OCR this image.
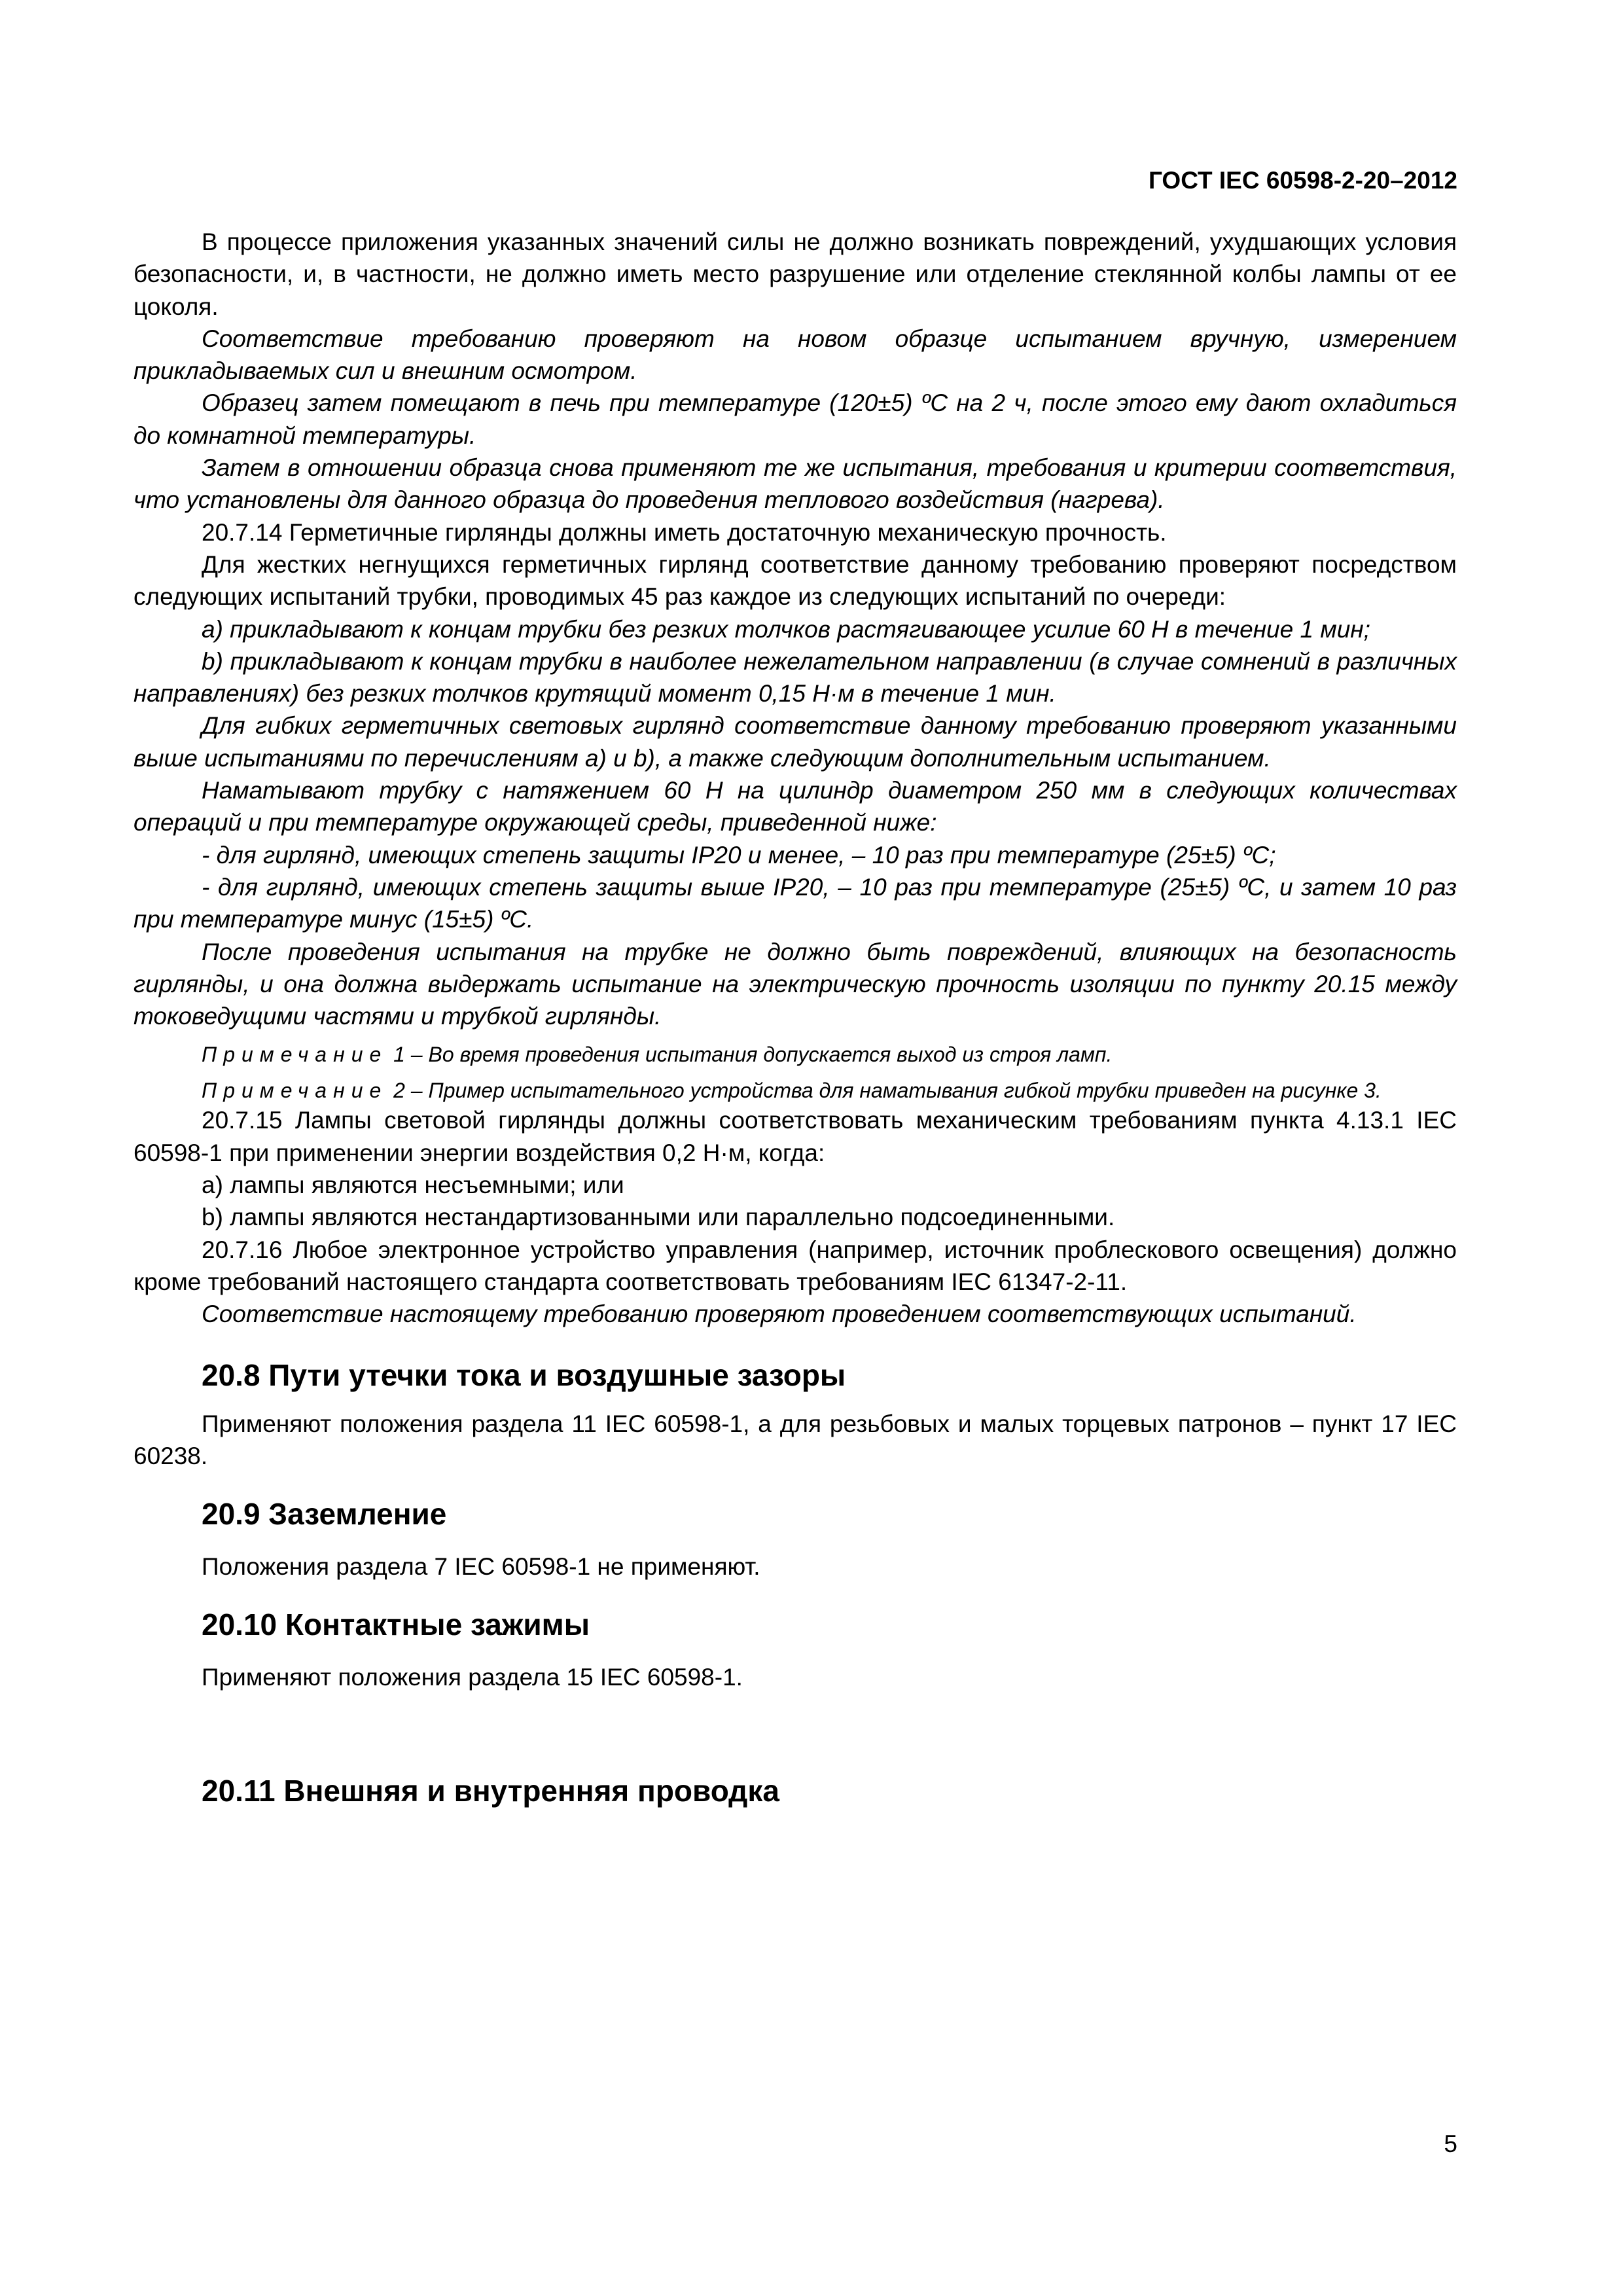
ГОСТ IEC 60598-2-20–2012

В процессе приложения указанных значений силы не должно возникать повреждений, ухудшающих условия безопасности, и, в частности, не должно иметь место разрушение или отделение стеклянной колбы лампы от ее цоколя.

Соответствие требованию проверяют на новом образце испытанием вручную, измерением прикладываемых сил и внешним осмотром.

Образец затем помещают в печь при температуре (120±5) ºС на 2 ч, после этого ему дают охладиться до комнатной температуры.

Затем в отношении образца снова применяют те же испытания, требования и критерии соответствия, что установлены для данного образца до проведения теплового воздействия (нагрева).

20.7.14 Герметичные гирлянды должны иметь достаточную механическую прочность.

Для жестких негнущихся герметичных гирлянд соответствие данному требованию проверяют посредством следующих испытаний трубки, проводимых 45 раз каждое из следующих испытаний по очереди:

a) прикладывают к концам трубки без резких толчков растягивающее усилие 60 Н в течение 1 мин;

b) прикладывают к концам трубки в наиболее нежелательном направлении (в случае сомнений в различных направлениях) без резких толчков крутящий момент 0,15 Н·м в течение 1 мин.

Для гибких герметичных световых гирлянд соответствие данному требованию проверяют указанными выше испытаниями по перечислениям a) и b), а также следующим дополнительным испытанием.

Наматывают трубку с натяжением 60 Н на цилиндр диаметром 250 мм в следующих количествах операций и при температуре окружающей среды, приведенной ниже:

- для гирлянд, имеющих степень защиты IP20 и менее, – 10 раз при температуре (25±5) ºС;

- для гирлянд, имеющих степень защиты выше IP20, – 10 раз при температуре (25±5) ºС, и затем 10 раз при температуре минус (15±5) ºС.

После проведения испытания на трубке не должно быть повреждений, влияющих на безопасность гирлянды, и она должна выдержать испытание на электрическую прочность изоляции по пункту 20.15 между токоведущими частями и трубкой гирлянды.

Примечание 1 – Во время проведения испытания допускается выход из строя ламп.

Примечание 2 – Пример испытательного устройства для наматывания гибкой трубки приведен на рисунке 3.

20.7.15 Лампы световой гирлянды должны соответствовать механическим требованиям пункта 4.13.1 IEC 60598-1 при применении энергии воздействия 0,2 Н·м, когда:

a) лампы являются несъемными; или

b) лампы являются нестандартизованными или параллельно подсоединенными.

20.7.16 Любое электронное устройство управления (например, источник проблескового освещения) должно кроме требований настоящего стандарта соответствовать требованиям IEC 61347-2-11.

Соответствие настоящему требованию проверяют проведением соответствующих испытаний.

20.8 Пути утечки тока и воздушные зазоры

Применяют положения раздела 11 IEC 60598-1, а для резьбовых и малых торцевых патронов – пункт 17 IEC 60238.

20.9 Заземление

Положения раздела 7 IEC 60598-1 не применяют.

20.10 Контактные зажимы

Применяют положения раздела 15 IEC 60598-1.

20.11 Внешняя и внутренняя проводка
5
